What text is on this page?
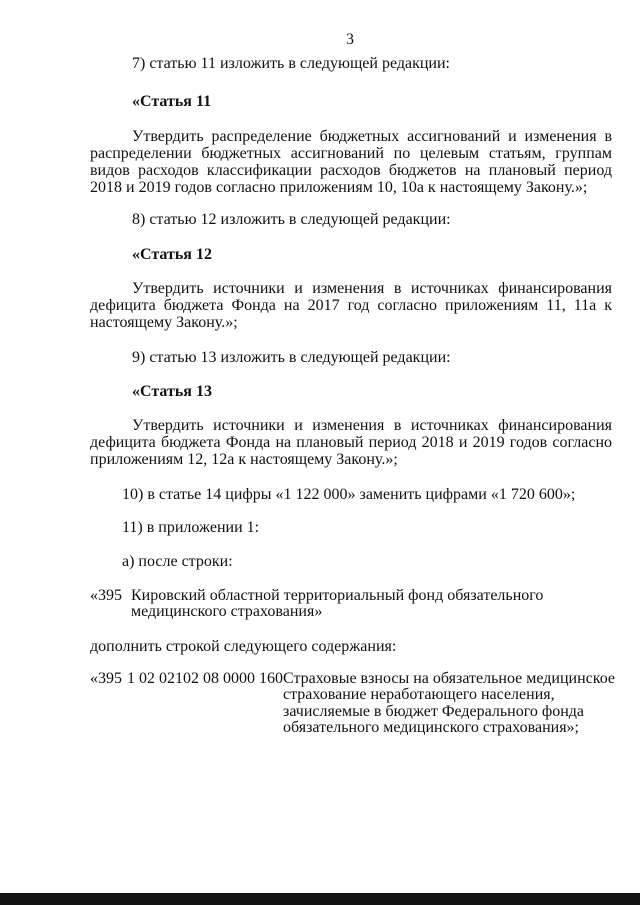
3
7) статью 11 изложить в следующей редакции:
«Статья 11
Утвердить распределение бюджетных ассигнований и изменения в распределении бюджетных ассигнований по целевым статьям, группам видов расходов классификации расходов бюджетов на плановый период 2018 и 2019 годов согласно приложениям 10, 10а к настоящему Закону.»;
8) статью 12 изложить в следующей редакции:
«Статья 12
Утвердить источники и изменения в источниках финансирования дефицита бюджета Фонда на 2017 год согласно приложениям 11, 11а к настоящему Закону.»;
9) статью 13 изложить в следующей редакции:
«Статья 13
Утвердить источники и изменения в источниках финансирования дефицита бюджета Фонда на плановый период 2018 и 2019 годов согласно приложениям 12, 12а к настоящему Закону.»;
10) в статье 14 цифры «1 122 000» заменить цифрами «1 720 600»;
11) в приложении 1:
а) после строки:
«395 Кировский областной территориальный фонд обязательного
медицинского страхования»
дополнить строкой следующего содержания:
«395 1 02 02102 08 0000 160 Страховые взносы на обязательное медицинское
страхование неработающего населения,
зачисляемые в бюджет Федерального фонда
обязательного медицинского страхования»;
